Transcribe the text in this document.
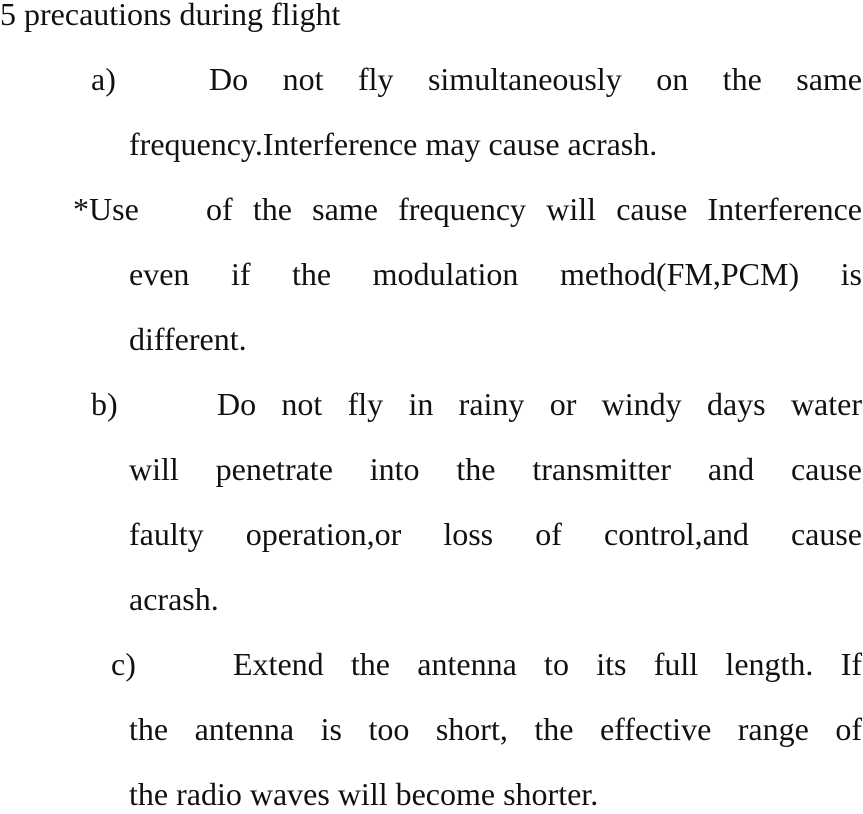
5 precautions during flight
a)	Do not fly simultaneously on the same
frequency.Interference may cause acrash.
*Use of the same frequency will cause Interference
even if the modulation method(FM,PCM) is
different.
b)	Do not fly in rainy or windy days water
will penetrate into the transmitter and cause
faulty operation,or loss of control,and cause
acrash.
c)	Extend the antenna to its full length. If
the antenna is too short, the effective range of
the radio waves will become shorter.
